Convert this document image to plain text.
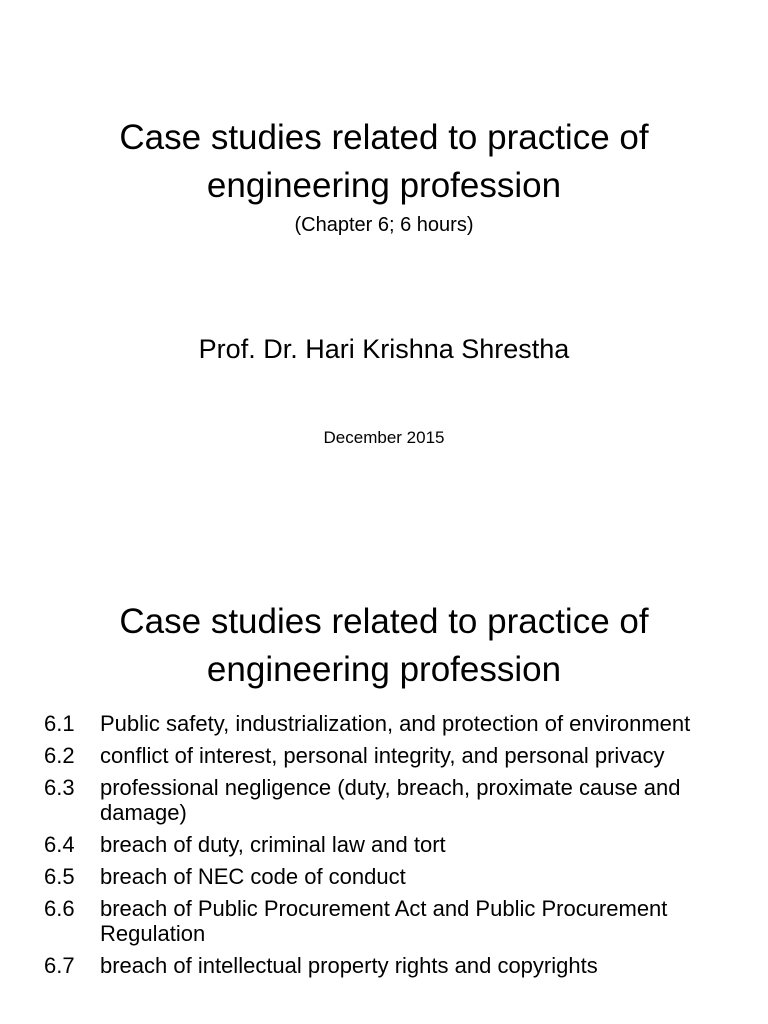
Case studies related to practice of
engineering profession
(Chapter 6; 6 hours)
Prof. Dr. Hari Krishna Shrestha
December 2015
Case studies related to practice of
engineering profession
6.1	Public safety, industrialization, and protection of environment
6.2	conflict of interest, personal integrity, and personal privacy
6.3	professional negligence (duty, breach, proximate cause and damage)
6.4	breach of duty, criminal law and tort
6.5	breach of NEC code of conduct
6.6	breach of Public Procurement Act and Public Procurement Regulation
6.7	breach of intellectual property rights and copyrights
